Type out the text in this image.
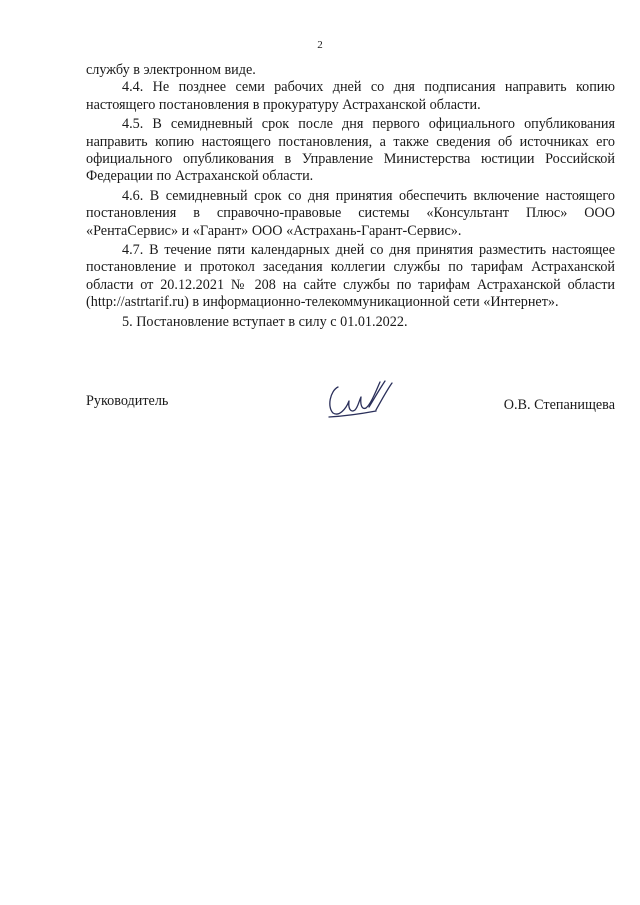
2

службу в электронном виде.

4.4. Не позднее семи рабочих дней со дня подписания направить копию настоящего постановления в прокуратуру Астраханской области.

4.5. В семидневный срок после дня первого официального опубликования направить копию настоящего постановления, а также сведения об источниках его официального опубликования в Управление Министерства юстиции Российской Федерации по Астраханской области.

4.6. В семидневный срок со дня принятия обеспечить включение настоящего постановления в справочно-правовые системы «Консультант Плюс» ООО «РентаСервис» и «Гарант» ООО «Астрахань-Гарант-Сервис».

4.7. В течение пяти календарных дней со дня принятия разместить настоящее постановление и протокол заседания коллегии службы по тарифам Астраханской области от 20.12.2021 № 208 на сайте службы по тарифам Астраханской области (http://astrtarif.ru) в информационно-телекоммуникационной сети «Интернет».

5. Постановление вступает в силу с 01.01.2022.

Руководитель	О.В. Степанищева
